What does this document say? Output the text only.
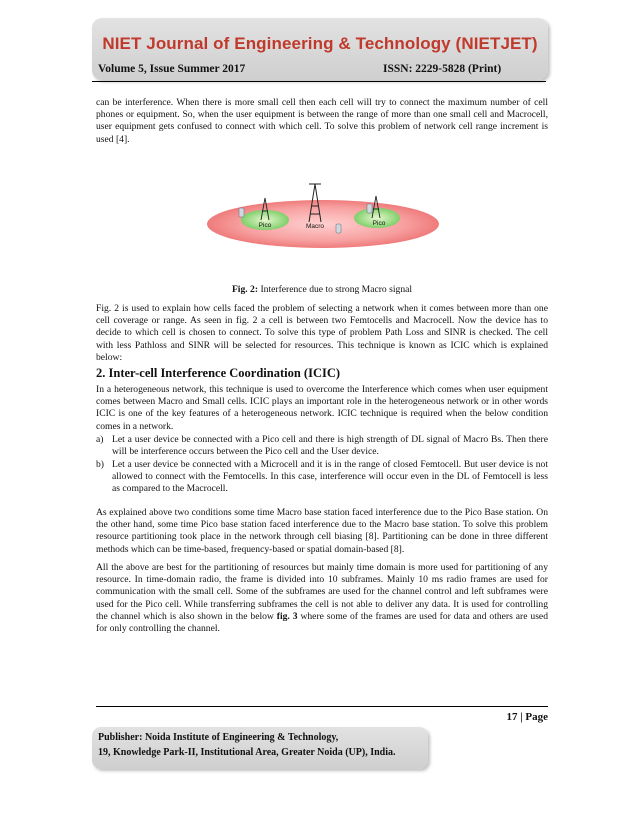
NIET Journal of Engineering & Technology (NIETJET)
Volume 5, Issue Summer 2017	ISSN: 2229-5828 (Print)

can be interference. When there is more small cell then each cell will try to connect the maximum number of cell phones or equipment. So, when the user equipment is between the range of more than one small cell and Macrocell, user equipment gets confused to connect with which cell. To solve this problem of network cell range increment is used [4].

Pico	Macro	Pico
Fig. 2: Interference due to strong Macro signal

Fig. 2 is used to explain how cells faced the problem of selecting a network when it comes between more than one cell coverage or range. As seen in fig. 2 a cell is between two Femtocells and Macrocell. Now the device has to decide to which cell is chosen to connect. To solve this type of problem Path Loss and SINR is checked. The cell with less Pathloss and SINR will be selected for resources. This technique is known as ICIC which is explained below:

2. Inter-cell Interference Coordination (ICIC)

In a heterogeneous network, this technique is used to overcome the Interference which comes when user equipment comes between Macro and Small cells. ICIC plays an important role in the heterogeneous network or in other words ICIC is one of the key features of a heterogeneous network. ICIC technique is required when the below condition comes in a network.

a) Let a user device be connected with a Pico cell and there is high strength of DL signal of Macro Bs. Then there will be interference occurs between the Pico cell and the User device.
b) Let a user device be connected with a Microcell and it is in the range of closed Femtocell. But user device is not allowed to connect with the Femtocells. In this case, interference will occur even in the DL of Femtocell is less as compared to the Macrocell.

As explained above two conditions some time Macro base station faced interference due to the Pico Base station. On the other hand, some time Pico base station faced interference due to the Macro base station. To solve this problem resource partitioning took place in the network through cell biasing [8]. Partitioning can be done in three different methods which can be time-based, frequency-based or spatial domain-based [8].

All the above are best for the partitioning of resources but mainly time domain is more used for partitioning of any resource. In time-domain radio, the frame is divided into 10 subframes. Mainly 10 ms radio frames are used for communication with the small cell. Some of the subframes are used for the channel control and left subframes were used for the Pico cell. While transferring subframes the cell is not able to deliver any data. It is used for controlling the channel which is also shown in the below fig. 3 where some of the frames are used for data and others are used for only controlling the channel.

17 | Page
Publisher: Noida Institute of Engineering & Technology,
19, Knowledge Park-II, Institutional Area, Greater Noida (UP), India.
